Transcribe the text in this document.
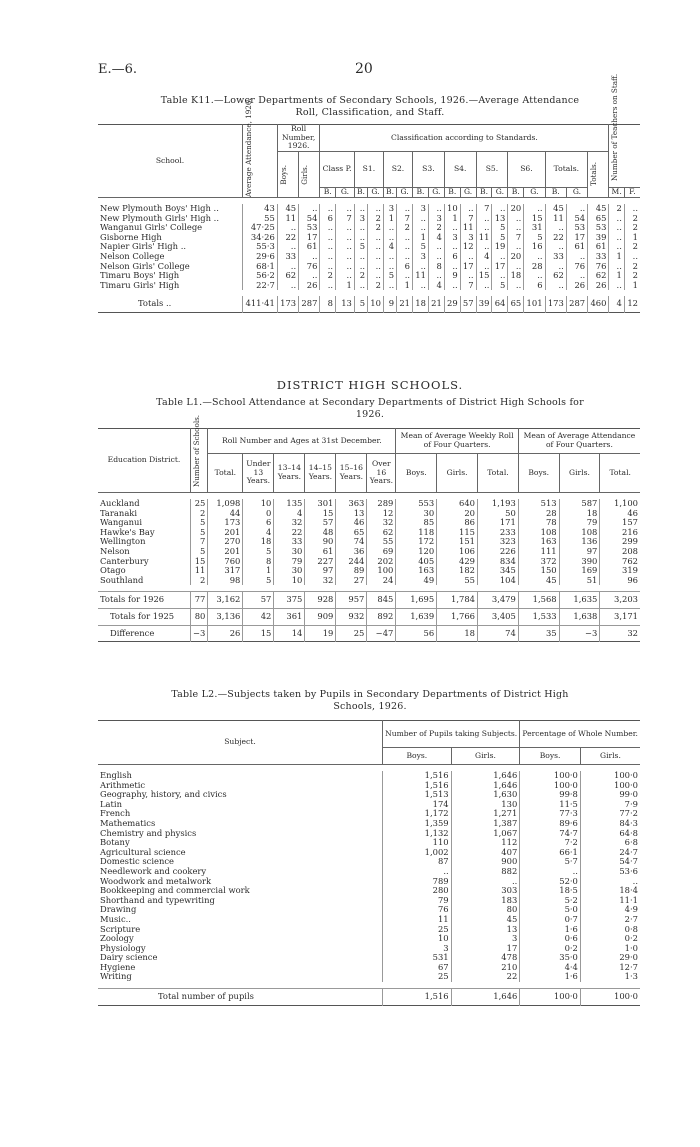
E.—6.	20
Table K11.—Lower Departments of Secondary Schools, 1926.—Average Attendance
Roll, Classification, and Staff.
School.	Average Attendance, 1926.	Roll Number, 1926.		Classification according to Standards.																	Number of Teachers on Staff.	

		Boys.	Girls.	Class P.		S1.		S2.		S3.		S4.		S5.		S6.		Totals.		Totals.		

				B.	G.	B.	G.	B.	G.	B.	G.	B.	G.	B.	G.	B.	G.	B.	G.		M.	F.

New Plymouth Boys' High ..	43	45	..	..	..	..	..	3	..	3	..	10	..	7	..	20	..	45	..	45	2	..
New Plymouth Girls' High ..	55	11	54	6	7	3	2	1	7	..	3	1	7	..	13	..	15	11	54	65	..	2
Wanganui Girls' College	47·25	..	53	..	..	..	2	..	2	..	2	..	11	..	5	..	31	..	53	53	..	2
Gisborne High	34·26	22	17	..	..	..	..	..	..	1	4	3	3	11	5	7	5	22	17	39	..	1
Napier Girls' High ..	55·3	..	61	..	..	5	..	4	..	5	..	..	12	..	19	..	16	..	61	61	..	2
Nelson College	29·6	33	..	..	..	..	..	..	..	3	..	6	..	4	..	20	..	33	..	33	1	..
Nelson Girls' College	68·1	..	76	..	..	..	..	..	6	..	8	..	17	..	17	..	28	..	76	76	..	2
Timaru Boys' High	56·2	62	..	2	..	2	..	5	..	11	..	9	..	15	..	18	..	62	..	62	1	2
Timaru Girls' High	22·7	..	26	..	1	..	2	..	1	..	4	..	7	..	5	..	6	..	26	26	..	1

Totals ..	411·41	173	287	8	13	5	10	9	21	18	21	29	57	39	64	65	101	173	287	460	4	12
DISTRICT HIGH SCHOOLS.
Table L1.—School Attendance at Secondary Departments of District High Schools for
1926.
Education District.	Number of Schools.	Roll Number and Ages at 31st December.						Mean of Average Weekly Roll of Four Quarters.			Mean of Average Attendance of Four Quarters.		
		Total.	Under 13 Years.	13–14 Years.	14–15 Years.	15–16 Years.	Over 16 Years.	Boys.	Girls.	Total.	Boys.	Girls.	Total.

Auckland	25	1,098	10	135	301	363	289	553	640	1,193	513	587	1,100
Taranaki	2	44	0	4	15	13	12	30	20	50	28	18	46
Wanganui	5	173	6	32	57	46	32	85	86	171	78	79	157
Hawke's Bay	5	201	4	22	48	65	62	118	115	233	108	108	216
Wellington	7	270	18	33	90	74	55	172	151	323	163	136	299
Nelson	5	201	5	30	61	36	69	120	106	226	111	97	208
Canterbury	15	760	8	79	227	244	202	405	429	834	372	390	762
Otago	11	317	1	30	97	89	100	163	182	345	150	169	319
Southland	2	98	5	10	32	27	24	49	55	104	45	51	96

Totals for 1926	77	3,162	57	375	928	957	845	1,695	1,784	3,479	1,568	1,635	3,203
Totals for 1925	80	3,136	42	361	909	932	892	1,639	1,766	3,405	1,533	1,638	3,171
Difference	−3	26	15	14	19	25	−47	56	18	74	35	−3	32
Table L2.—Subjects taken by Pupils in Secondary Departments of District High
Schools, 1926.
Subject.	Number of Pupils taking Subjects.		Percentage of Whole Number.	
	Boys.	Girls.	Boys.	Girls.

English	1,516	1,646	100·0	100·0
Arithmetic	1,516	1,646	100·0	100·0
Geography, history, and civics	1,513	1,630	99·8	99·0
Latin	174	130	11·5	7·9
French	1,172	1,271	77·3	77·2
Mathematics	1,359	1,387	89·6	84·3
Chemistry and physics	1,132	1,067	74·7	64·8
Botany	110	112	7·2	6·8
Agricultural science	1,002	407	66·1	24·7
Domestic science	87	900	5·7	54·7
Needlework and cookery	..	882	..	53·6
Woodwork and metalwork	789	..	52·0	..
Bookkeeping and commercial work	280	303	18·5	18·4
Shorthand and typewriting	79	183	5·2	11·1
Drawing	76	80	5·0	4·9
Music..	11	45	0·7	2·7
Scripture	25	13	1·6	0·8
Zoology	10	3	0·6	0·2
Physiology	3	17	0·2	1·0
Dairy science	531	478	35·0	29·0
Hygiene	67	210	4·4	12·7
Writing	25	22	1·6	1·3

Total number of pupils	1,516	1,646	100·0	100·0
